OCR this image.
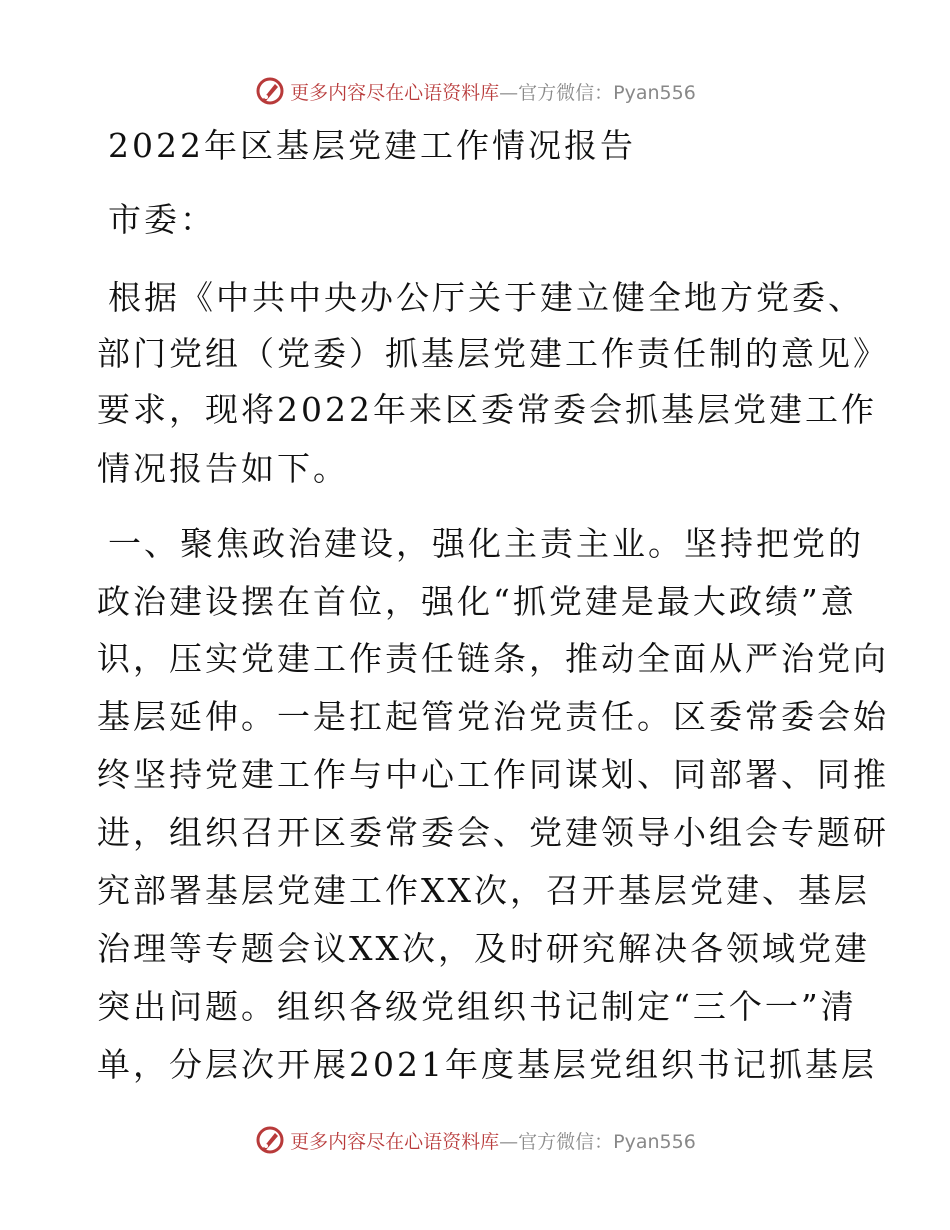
更多内容尽在心语资料库—官方微信：Pyan556
2022年区基层党建工作情况报告
市委：
根据《中共中央办公厅关于建立健全地方党委、
部门党组（党委）抓基层党建工作责任制的意见》
要求，现将2022年来区委常委会抓基层党建工作
情况报告如下。
一、聚焦政治建设，强化主责主业。坚持把党的
政治建设摆在首位，强化“抓党建是最大政绩”意
识，压实党建工作责任链条，推动全面从严治党向
基层延伸。一是扛起管党治党责任。区委常委会始
终坚持党建工作与中心工作同谋划、同部署、同推
进，组织召开区委常委会、党建领导小组会专题研
究部署基层党建工作XX次，召开基层党建、基层
治理等专题会议XX次，及时研究解决各领域党建
突出问题。组织各级党组织书记制定“三个一”清
单，分层次开展2021年度基层党组织书记抓基层
更多内容尽在心语资料库—官方微信：Pyan556
